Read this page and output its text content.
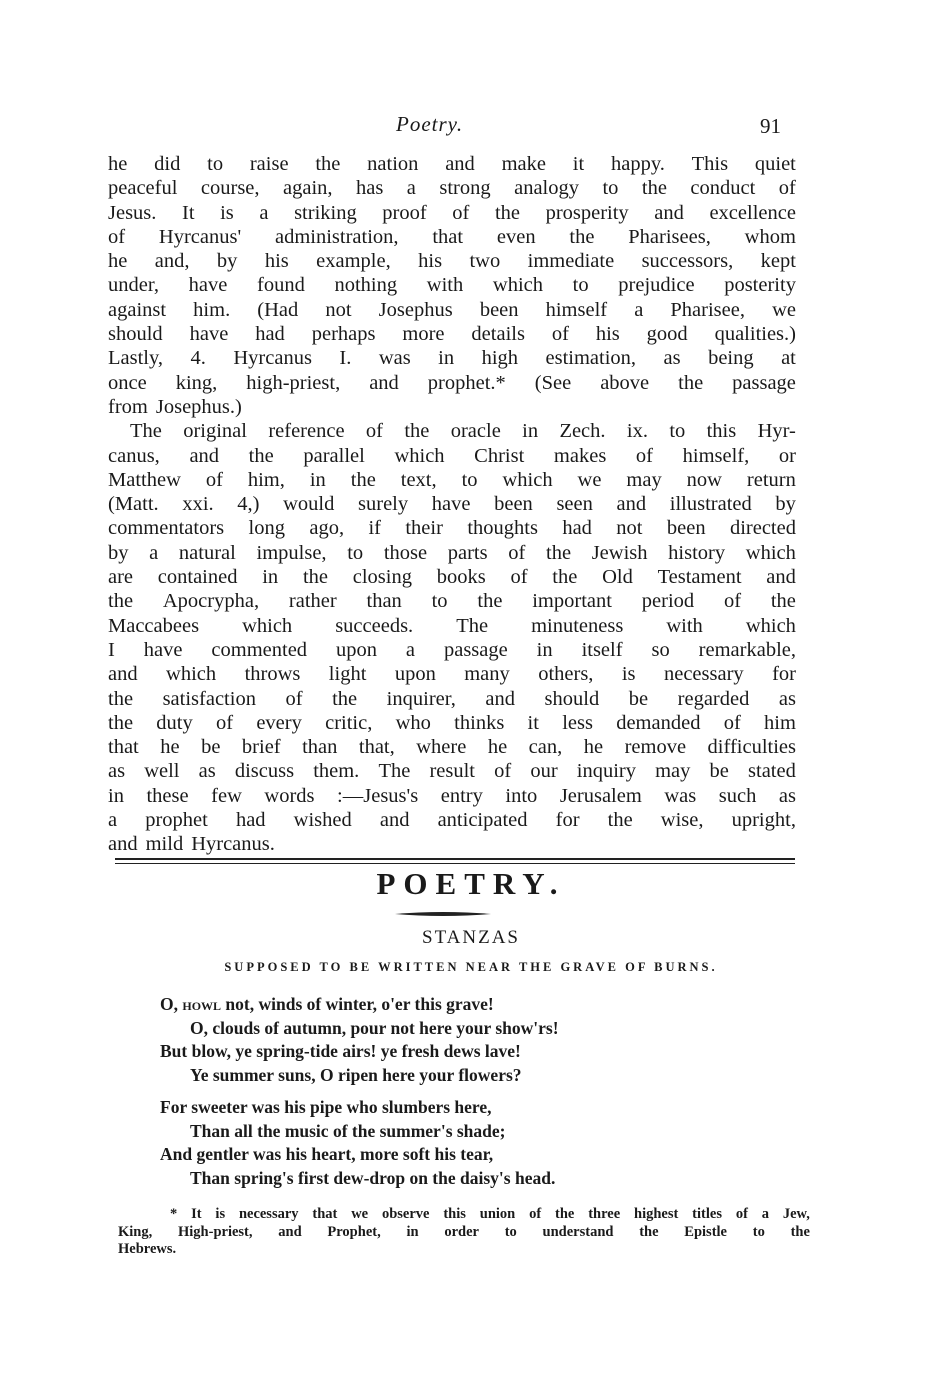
Poetry.	91
he did to raise the nation and make it happy. This quiet
peaceful course, again, has a strong analogy to the conduct of
Jesus. It is a striking proof of the prosperity and excellence
of Hyrcanus' administration, that even the Pharisees, whom
he and, by his example, his two immediate successors, kept
under, have found nothing with which to prejudice posterity
against him. (Had not Josephus been himself a Pharisee, we
should have had perhaps more details of his good qualities.)
Lastly, 4. Hyrcanus I. was in high estimation, as being at
once king, high-priest, and prophet.* (See above the passage
from Josephus.)
The original reference of the oracle in Zech. ix. to this Hyr-
canus, and the parallel which Christ makes of himself, or
Matthew of him, in the text, to which we may now return
(Matt. xxi. 4,) would surely have been seen and illustrated by
commentators long ago, if their thoughts had not been directed
by a natural impulse, to those parts of the Jewish history which
are contained in the closing books of the Old Testament and
the Apocrypha, rather than to the important period of the
Maccabees which succeeds. The minuteness with which
I have commented upon a passage in itself so remarkable,
and which throws light upon many others, is necessary for
the satisfaction of the inquirer, and should be regarded as
the duty of every critic, who thinks it less demanded of him
that he be brief than that, where he can, he remove difficulties
as well as discuss them. The result of our inquiry may be stated
in these few words :—Jesus's entry into Jerusalem was such as
a prophet had wished and anticipated for the wise, upright,
and mild Hyrcanus.
POETRY.
STANZAS
SUPPOSED TO BE WRITTEN NEAR THE GRAVE OF BURNS.
O, howl not, winds of winter, o'er this grave!
O, clouds of autumn, pour not here your show'rs!
But blow, ye spring-tide airs! ye fresh dews lave!
Ye summer suns, O ripen here your flowers?
For sweeter was his pipe who slumbers here,
Than all the music of the summer's shade;
And gentler was his heart, more soft his tear,
Than spring's first dew-drop on the daisy's head.
* It is necessary that we observe this union of the three highest titles of a Jew,
King, High-priest, and Prophet, in order to understand the Epistle to the
Hebrews.
